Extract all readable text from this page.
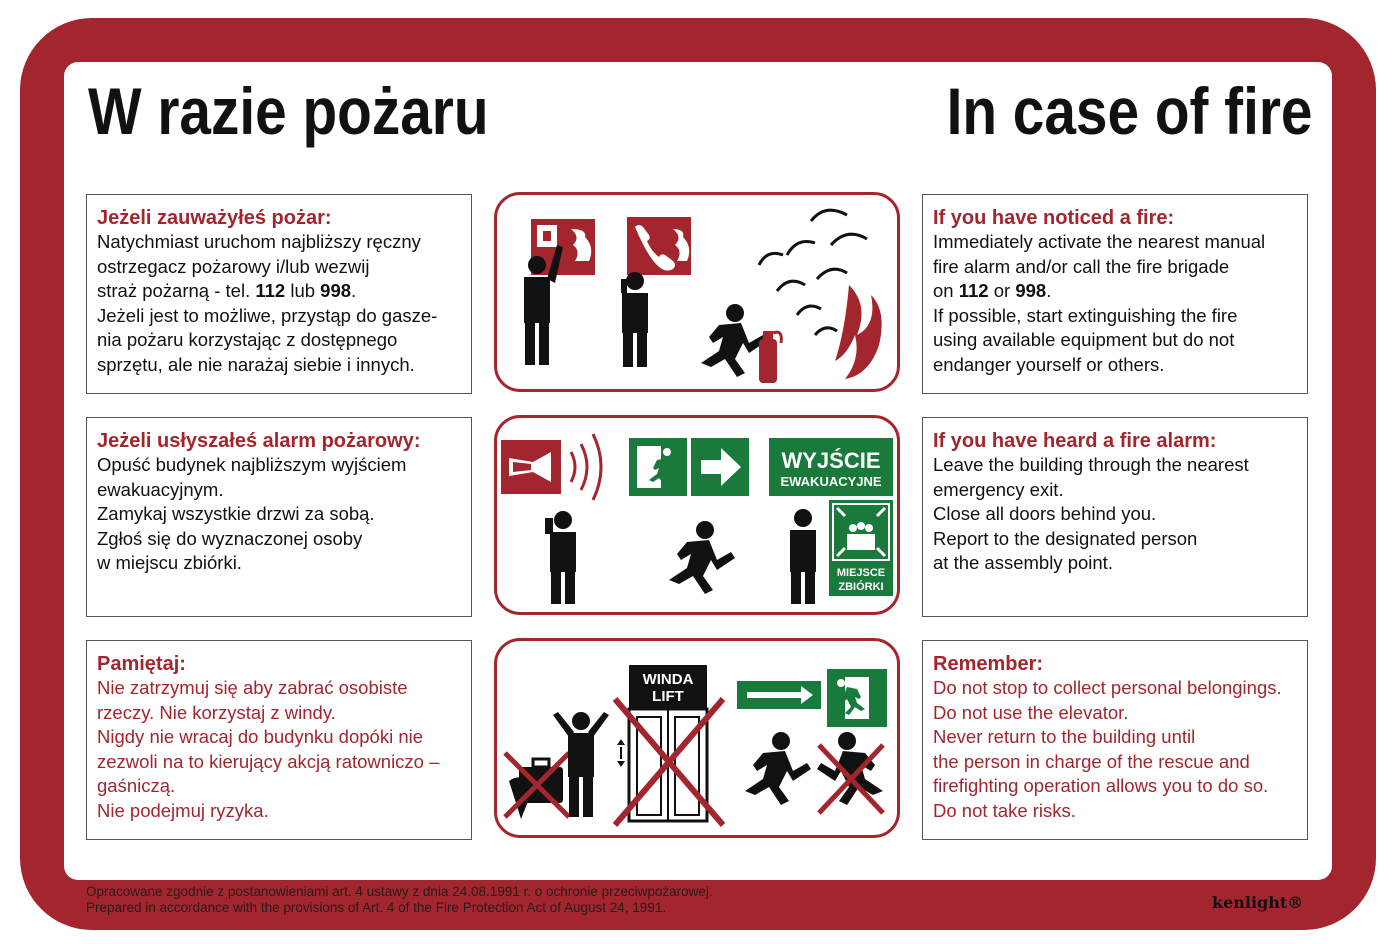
W razie pożaru	In case of fire
Jeżeli zauważyłeś pożar:
Natychmiast uruchom najbliższy ręczny
ostrzegacz pożarowy i/lub wezwij
straż pożarną - tel. 112 lub 998.
Jeżeli jest to możliwe, przystąp do gasze-
nia pożaru korzystając z dostępnego
sprzętu, ale nie narażaj siebie i innych.
If you have noticed a fire:
Immediately activate the nearest manual
fire alarm and/or call the fire brigade
on 112 or 998.
If possible, start extinguishing the fire
using available equipment but do not
endanger yourself or others.
Jeżeli usłyszałeś alarm pożarowy:
Opuść budynek najbliższym wyjściem
ewakuacyjnym.
Zamykaj wszystkie drzwi za sobą.
Zgłoś się do wyznaczonej osoby
w miejscu zbiórki.
If you have heard a fire alarm:
Leave the building through the nearest
emergency exit.
Close all doors behind you.
Report to the designated person
at the assembly point.
Pamiętaj:
Nie zatrzymuj się aby zabrać osobiste
rzeczy. Nie korzystaj z windy.
Nigdy nie wracaj do budynku dopóki nie
zezwoli na to kierujący akcją ratowniczo –
gaśniczą.
Nie podejmuj ryzyka.
Remember:
Do not stop to collect personal belongings.
Do not use the elevator.
Never return to the building until
the person in charge of the rescue and
firefighting operation allows you to do so.
Do not take risks.
WYJŚCIE
EWAKUACYJNE
MIEJSCE
ZBIÓRKI
WINDA
LIFT
Opracowane zgodnie z postanowieniami art. 4 ustawy z dnia 24.08.1991 r. o ochronie przeciwpożarowej.
Prepared in accordance with the provisions of Art. 4 of the Fire Protection Act of August 24, 1991.	kenlight®
